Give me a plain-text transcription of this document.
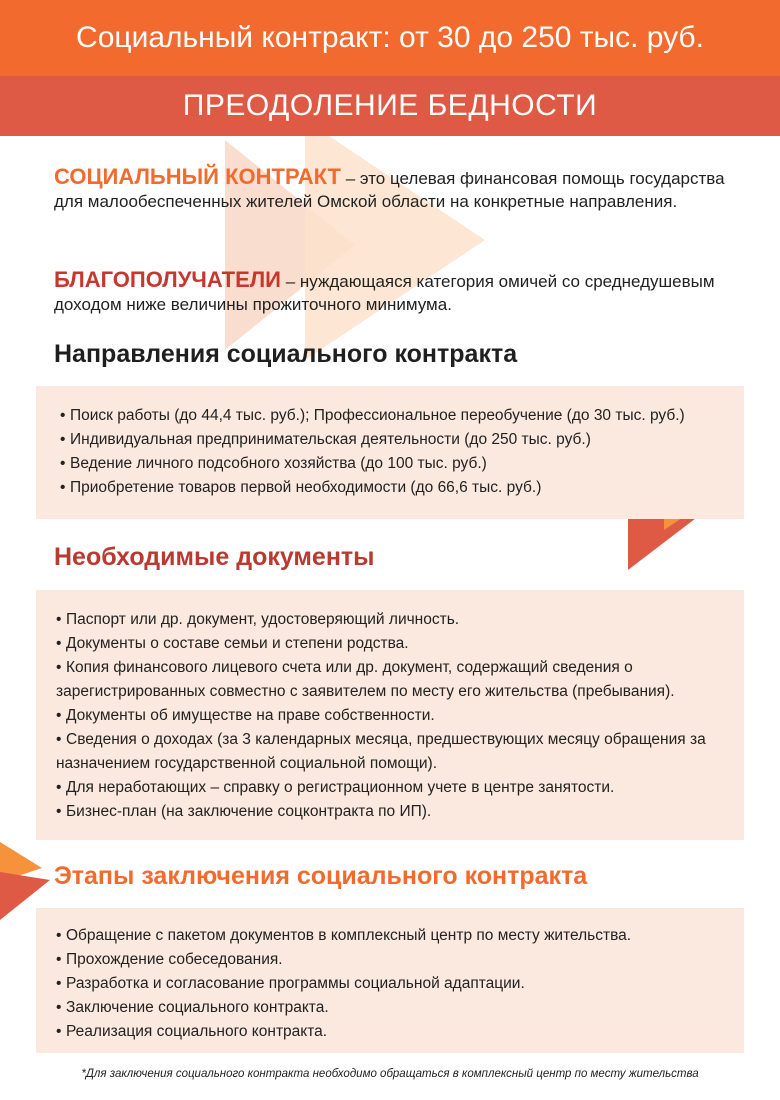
Социальный контракт: от 30 до 250 тыс. руб.
ПРЕОДОЛЕНИЕ БЕДНОСТИ
СОЦИАЛЬНЫЙ КОНТРАКТ – это целевая финансовая помощь государства для малообеспеченных жителей Омской области на конкретные направления.
БЛАГОПОЛУЧАТЕЛИ – нуждающаяся категория омичей со среднедушевым доходом ниже величины прожиточного минимума.
Направления социального контракта
• Поиск работы (до 44,4 тыс. руб.); Профессиональное переобучение (до 30 тыс. руб.)
• Индивидуальная предпринимательская деятельности (до 250 тыс. руб.)
• Ведение личного подсобного хозяйства (до 100 тыс. руб.)
• Приобретение товаров первой необходимости (до 66,6 тыс. руб.)
Необходимые документы
• Паспорт или др. документ, удостоверяющий личность.
• Документы о составе семьи и степени родства.
• Копия финансового лицевого счета или др. документ, содержащий сведения о зарегистрированных совместно с заявителем по месту его жительства (пребывания).
• Документы об имуществе на праве собственности.
• Сведения о доходах (за 3 календарных месяца, предшествующих месяцу обращения за назначением государственной социальной помощи).
• Для неработающих – справку о регистрационном учете в центре занятости.
• Бизнес-план (на заключение соцконтракта по ИП).
Этапы заключения социального контракта
• Обращение с пакетом документов в комплексный центр по месту жительства.
• Прохождение собеседования.
• Разработка и согласование программы социальной адаптации.
• Заключение социального контракта.
• Реализация социального контракта.
*Для заключения социального контракта необходимо обращаться в комплексный центр по месту жительства
